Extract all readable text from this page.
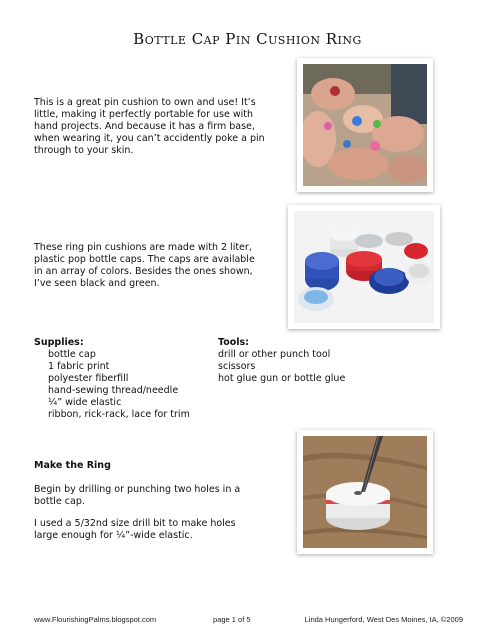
Bottle Cap Pin Cushion Ring

This is a great pin cushion to own and use! It’s little, making it perfectly portable for use with hand projects. And because it has a firm base, when wearing it, you can’t accidently poke a pin through to your skin.

These ring pin cushions are made with 2 liter, plastic pop bottle caps. The caps are available in an array of colors. Besides the ones shown, I’ve seen black and green.

Supplies:
bottle cap
1 fabric print
polyester fiberfill
hand-sewing thread/needle
¼” wide elastic
ribbon, rick-rack, lace for trim
Tools:
drill or other punch tool
scissors
hot glue gun or bottle glue
Make the Ring

Begin by drilling or punching two holes in a bottle cap.

I used a 5/32nd size drill bit to make holes large enough for ¼”-wide elastic.

www.FlourishingPalms.blogspot.com	page 1 of 5	Linda Hungerford, West Des Moines, IA, ©2009
